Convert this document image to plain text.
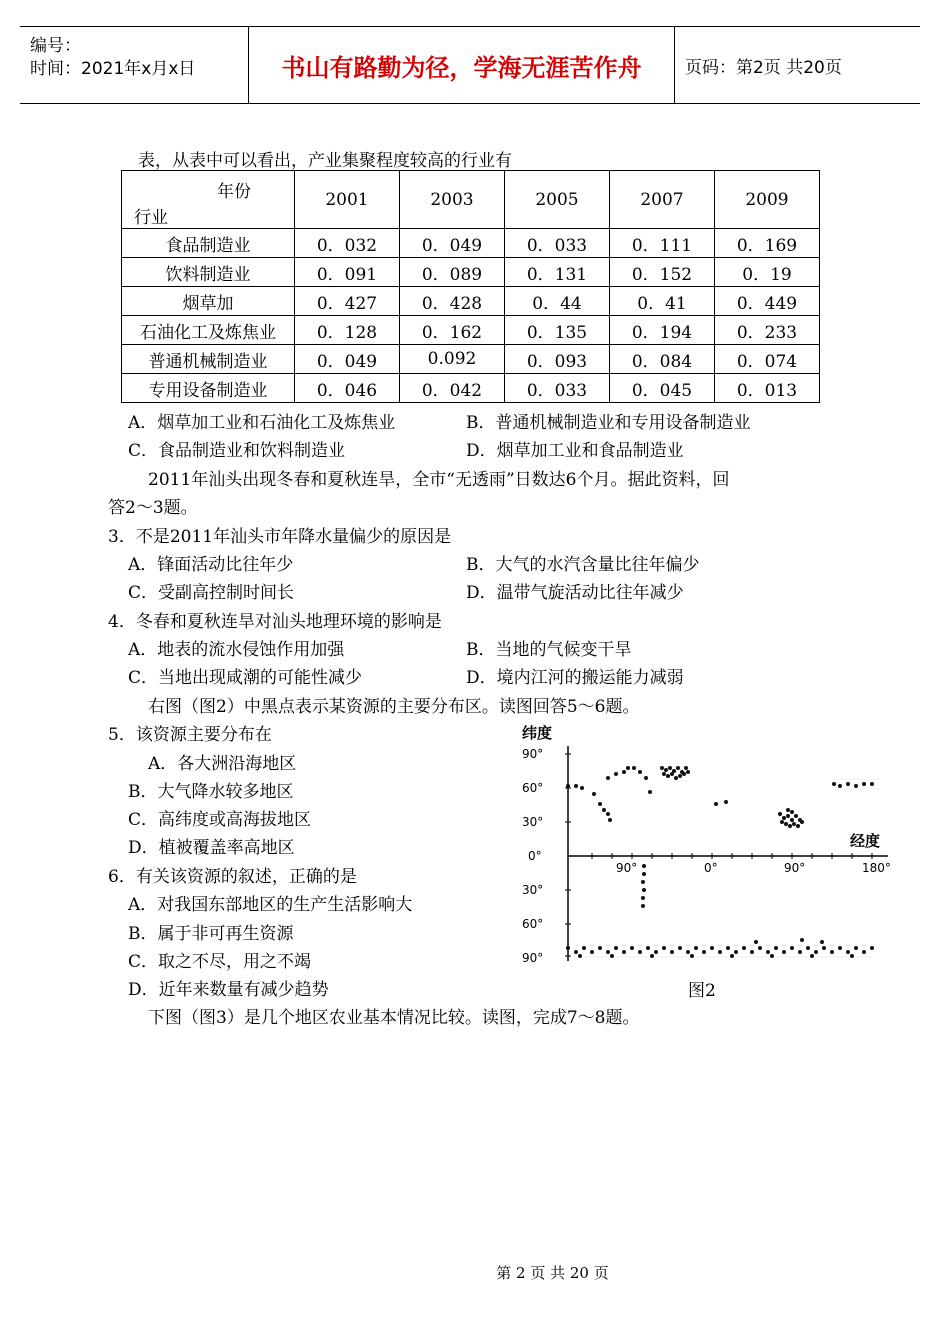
编号：
时间：2021年x月x日	书山有路勤为径，学海无涯苦作舟	页码：第2页 共20页
表，从表中可以看出，产业集聚程度较高的行业有
年份
行业	2001	2003	2005	2007	2009
食品制造业	0．032	0．049	0．033	0．111	0．169
饮料制造业	0．091	0．089	0．131	0．152	0．19
烟草加	0．427	0．428	0．44	0．41	0．449
石油化工及炼焦业	0．128	0．162	0．135	0．194	0．233
普通机械制造业	0．049	0.092	0．093	0．084	0．074
专用设备制造业	0．046	0．042	0．033	0．045	0．013
A．烟草加工业和石油化工及炼焦业	B．普通机械制造业和专用设备制造业
C．食品制造业和饮料制造业	D．烟草加工业和食品制造业
2011年汕头出现冬春和夏秋连旱，全市“无透雨”日数达6个月。据此资料，回
答2～3题。
3．不是2011年汕头市年降水量偏少的原因是
A．锋面活动比往年少	B．大气的水汽含量比往年偏少
C．受副高控制时间长	D．温带气旋活动比往年减少
4．冬春和夏秋连旱对汕头地理环境的影响是
A．地表的流水侵蚀作用加强	B．当地的气候变干旱
C．当地出现咸潮的可能性减少	D．境内江河的搬运能力减弱
右图（图2）中黑点表示某资源的主要分布区。读图回答5～6题。
5．该资源主要分布在
A．各大洲沿海地区
B．大气降水较多地区
C．高纬度或高海拔地区
D．植被覆盖率高地区
6．有关该资源的叙述，正确的是
A．对我国东部地区的生产生活影响大
B．属于非可再生资源
C．取之不尽，用之不竭
D．近年来数量有减少趋势
纬度
经度
90°
60°
30°
0°
30°
60°
90°
90°	0°	90°	180°
图2
下图（图3）是几个地区农业基本情况比较。读图，完成7～8题。
第 2 页 共 20 页
